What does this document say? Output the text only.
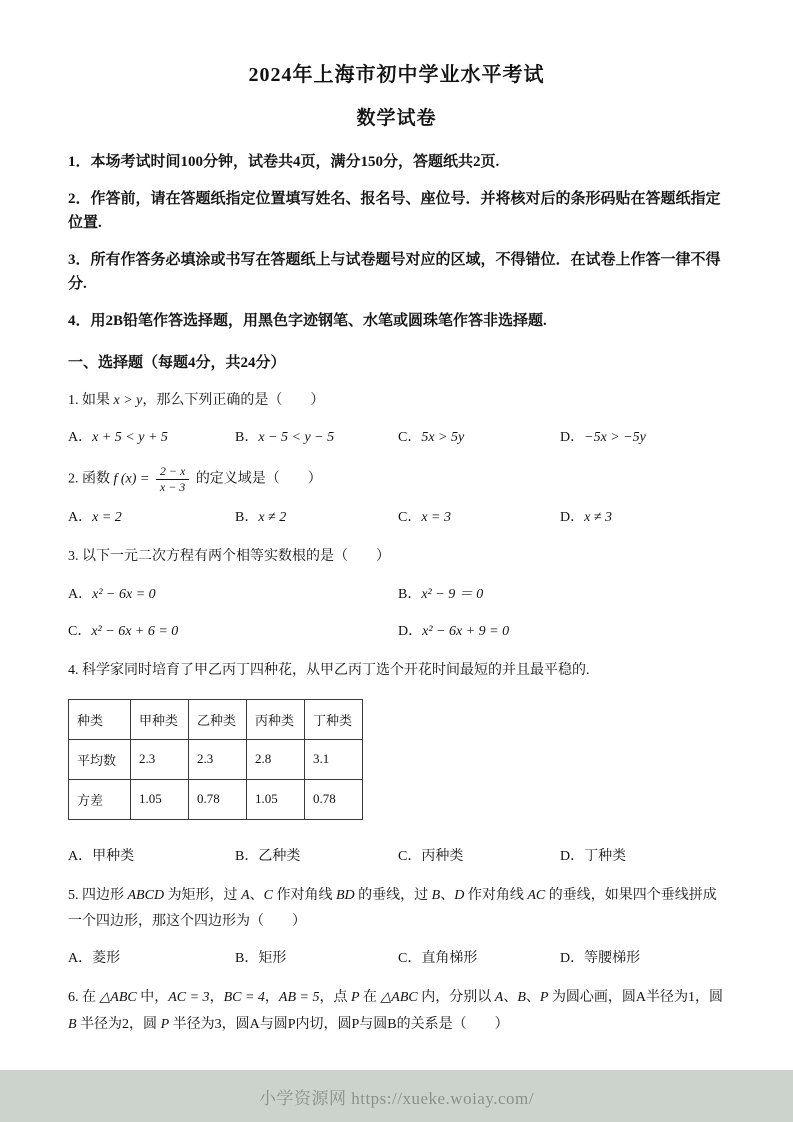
2024年上海市初中学业水平考试
数学试卷

1．本场考试时间100分钟，试卷共4页，满分150分，答题纸共2页.

2．作答前，请在答题纸指定位置填写姓名、报名号、座位号．并将核对后的条形码贴在答题纸指定位置.

3．所有作答务必填涂或书写在答题纸上与试卷题号对应的区域，不得错位．在试卷上作答一律不得分.

4．用2B铅笔作答选择题，用黑色字迹钢笔、水笔或圆珠笔作答非选择题.

一、选择题（每题4分，共24分）

1. 如果 x > y，那么下列正确的是（　　）
A．x + 5 < y + 5	B．x − 5 < y − 5	C．5x > 5y	D．−5x > −5y
2. 函数 f $(x) = \frac{2 - x}{x - 3}$ 的定义域是（　　）
A．x = 2	B．x ≠ 2	C．x = 3	D．x ≠ 3
3. 以下一元二次方程有两个相等实数根的是（　　）
A．x² − 6x = 0	B．x² − 9 ＝ 0
C．x² − 6x + 6 = 0	D．x² − 6x + 9 = 0
4. 科学家同时培育了甲乙丙丁四种花，从甲乙丙丁选个开花时间最短的并且最平稳的.
种类	甲种类	乙种类	丙种类	丁种类
平均数	2.3	2.3	2.8	3.1
方差	1.05	0.78	1.05	0.78
A．甲种类	B．乙种类	C．丙种类	D．丁种类
5. 四边形 ABCD 为矩形，过 A、C 作对角线 BD 的垂线，过 B、D 作对角线 AC 的垂线，如果四个垂线拼成一个四边形，那这个四边形为（　　）
A．菱形	B．矩形	C．直角梯形	D．等腰梯形
6. 在 △ABC 中，AC = 3，BC = 4，AB = 5，点 P 在 △ABC 内，分别以 A、B、P 为圆心画，圆A半径为1，圆 B 半径为2，圆 P 半径为3，圆A与圆P内切，圆P与圆B的关系是（　　）
小学资源网 https://xueke.woiay.com/
